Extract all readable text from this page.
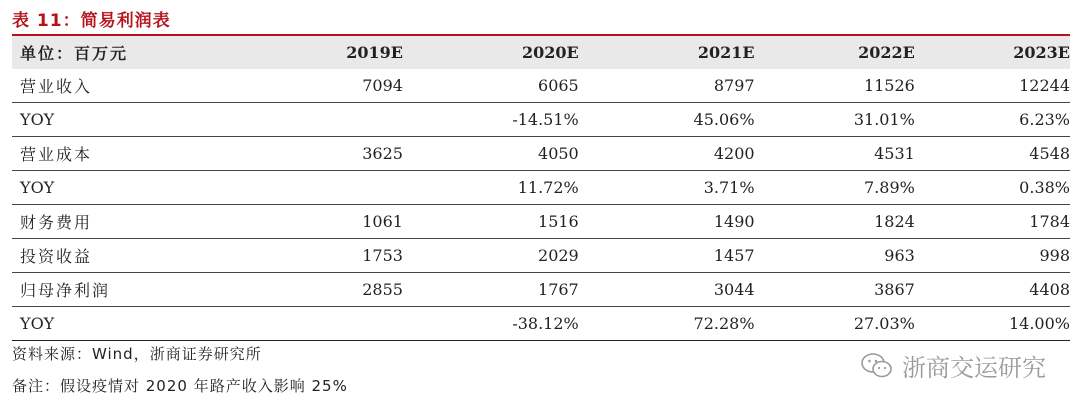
表 11：简易利润表
单位：百万元	2019E	2020E	2021E	2022E	2023E
营业收入	7094	6065	8797	11526	12244
YOY		-14.51%	45.06%	31.01%	6.23%
营业成本	3625	4050	4200	4531	4548
YOY		11.72%	3.71%	7.89%	0.38%
财务费用	1061	1516	1490	1824	1784
投资收益	1753	2029	1457	963	998
归母净利润	2855	1767	3044	3867	4408
YOY		-38.12%	72.28%	27.03%	14.00%
资料来源：Wind，浙商证券研究所
备注：假设疫情对 2020 年路产收入影响 25%
浙商交运研究
